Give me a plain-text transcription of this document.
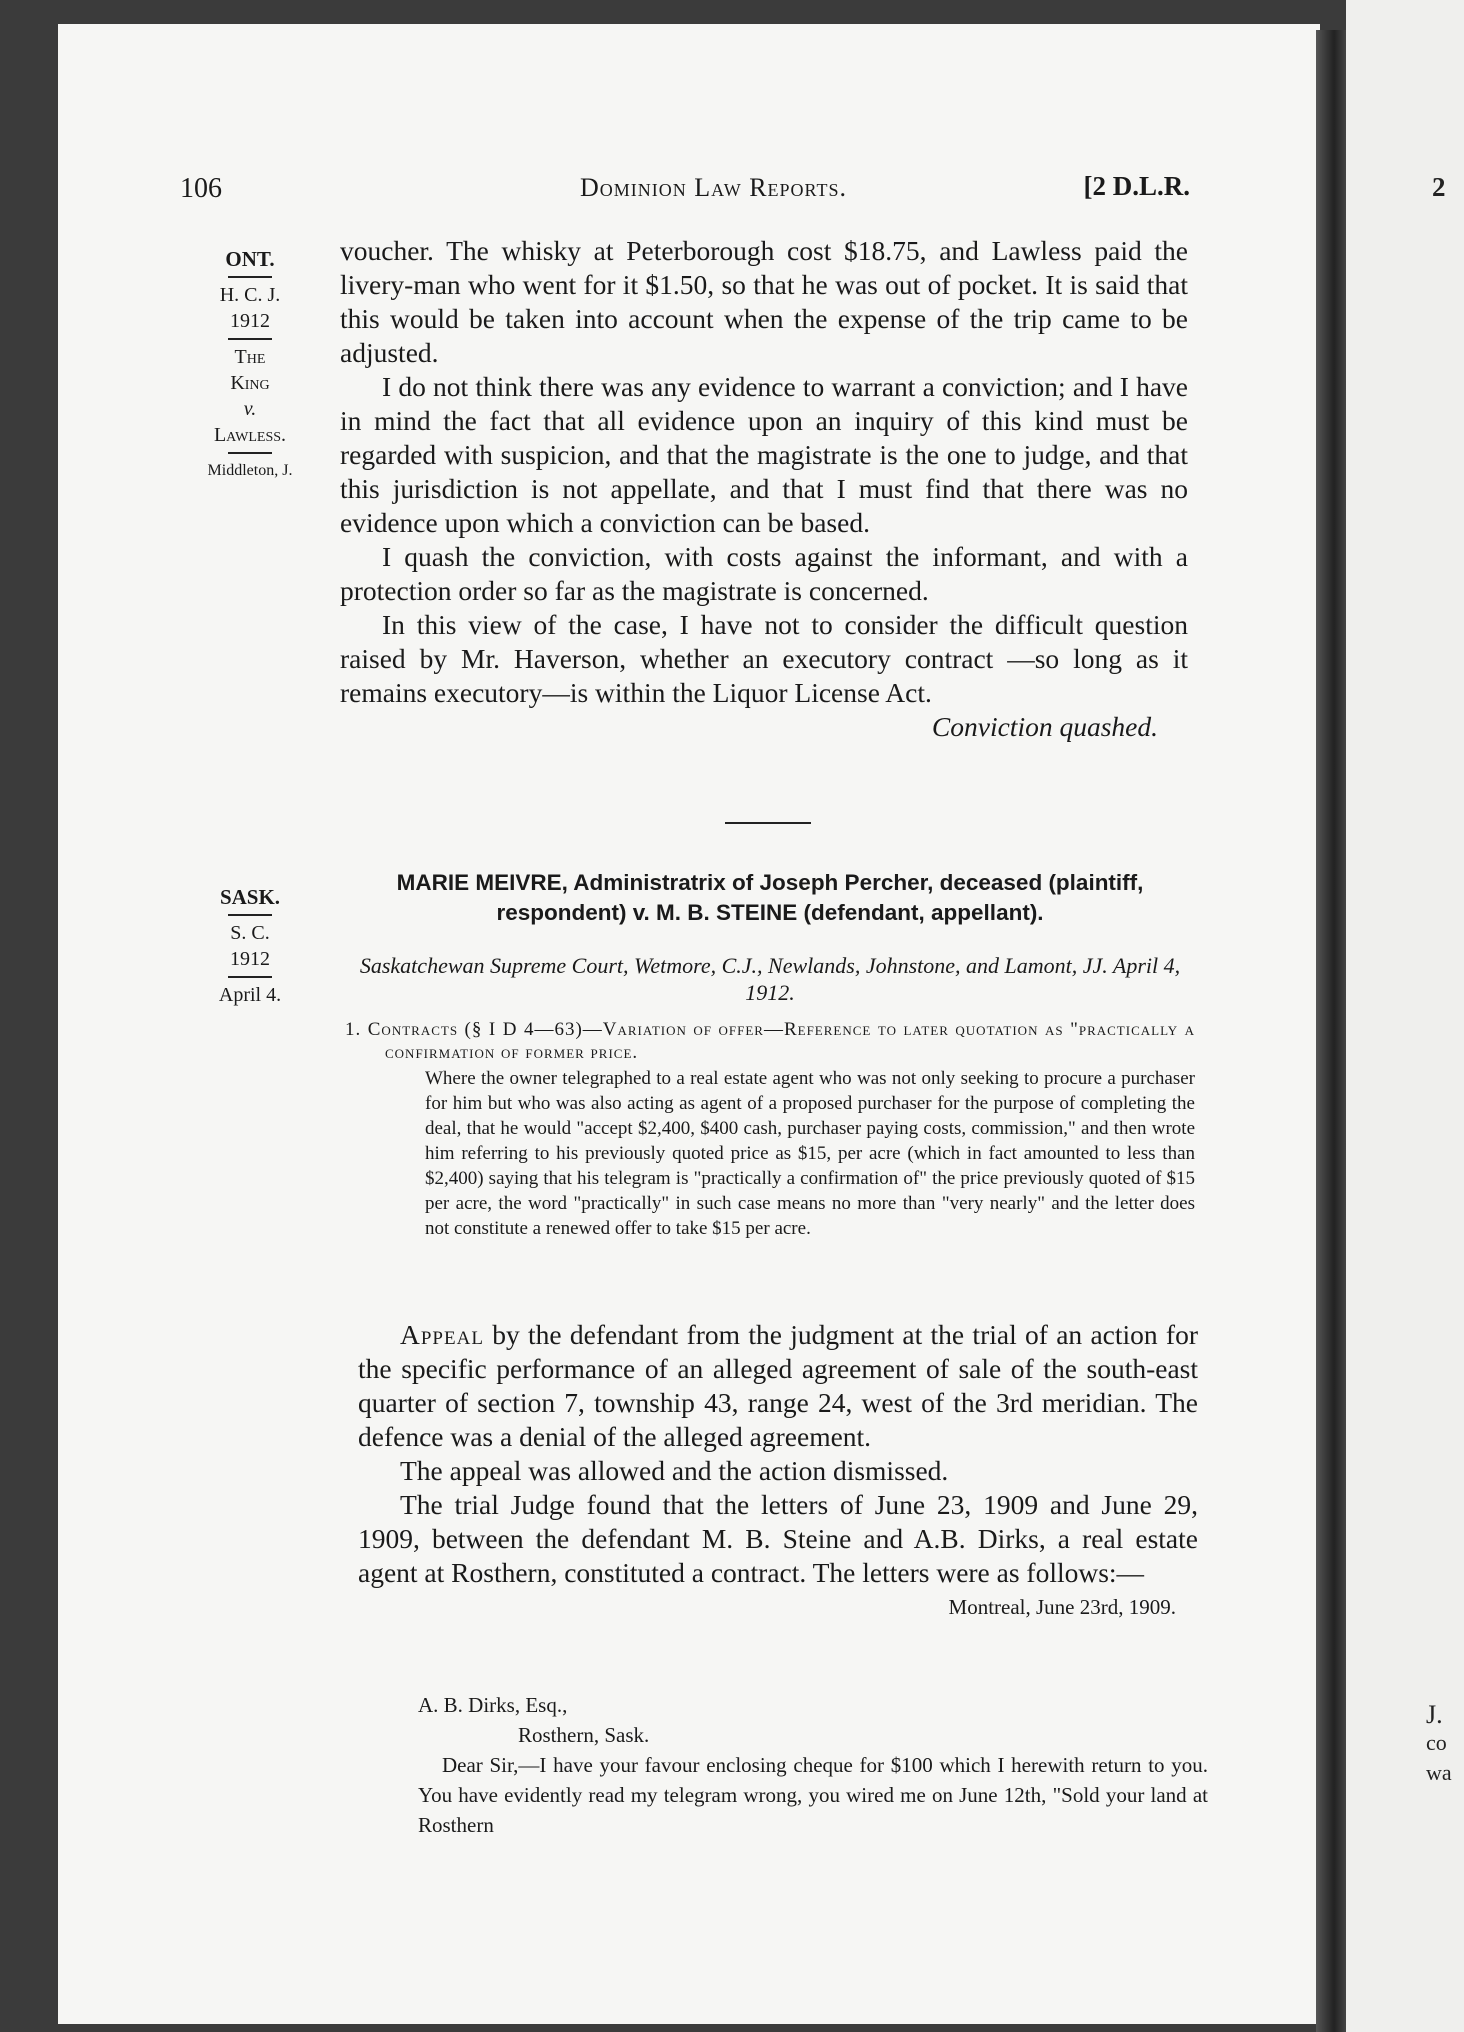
2
J.
co
wa
106	Dominion Law Reports.	[2 D.L.R.
ONT.
H. C. J.
1912
The
King
v.
Lawless.
Middleton, J.

voucher. The whisky at Peterborough cost $18.75, and Lawless paid the livery-man who went for it $1.50, so that he was out of pocket. It is said that this would be taken into account when the expense of the trip came to be adjusted.

I do not think there was any evidence to warrant a conviction; and I have in mind the fact that all evidence upon an inquiry of this kind must be regarded with suspicion, and that the magistrate is the one to judge, and that this jurisdiction is not appellate, and that I must find that there was no evidence upon which a conviction can be based.

I quash the conviction, with costs against the informant, and with a protection order so far as the magistrate is concerned.

In this view of the case, I have not to consider the difficult question raised by Mr. Haverson, whether an executory contract —so long as it remains executory—is within the Liquor License Act.

Conviction quashed.

SASK.
S. C.
1912
April 4.
MARIE MEIVRE, Administratrix of Joseph Percher, deceased (plaintiff, respondent) v. M. B. STEINE (defendant, appellant).
Saskatchewan Supreme Court, Wetmore, C.J., Newlands, Johnstone, and Lamont, JJ. April 4, 1912.
1. Contracts (§ I D 4—63)—Variation of offer—Reference to later quotation as "practically a confirmation of former price.
Where the owner telegraphed to a real estate agent who was not only seeking to procure a purchaser for him but who was also acting as agent of a proposed purchaser for the purpose of completing the deal, that he would "accept $2,400, $400 cash, purchaser paying costs, commission," and then wrote him referring to his previously quoted price as $15, per acre (which in fact amounted to less than $2,400) saying that his telegram is "practically a confirmation of" the price previously quoted of $15 per acre, the word "practically" in such case means no more than "very nearly" and the letter does not constitute a renewed offer to take $15 per acre.

Appeal by the defendant from the judgment at the trial of an action for the specific performance of an alleged agreement of sale of the south-east quarter of section 7, township 43, range 24, west of the 3rd meridian. The defence was a denial of the alleged agreement.

The appeal was allowed and the action dismissed.

The trial Judge found that the letters of June 23, 1909 and June 29, 1909, between the defendant M. B. Steine and A.B. Dirks, a real estate agent at Rosthern, constituted a contract. The letters were as follows:—

Montreal, June 23rd, 1909.

A. B. Dirks, Esq.,
Rosthern, Sask.
Dear Sir,—I have your favour enclosing cheque for $100 which I herewith return to you. You have evidently read my telegram wrong, you wired me on June 12th, "Sold your land at Rosthern
